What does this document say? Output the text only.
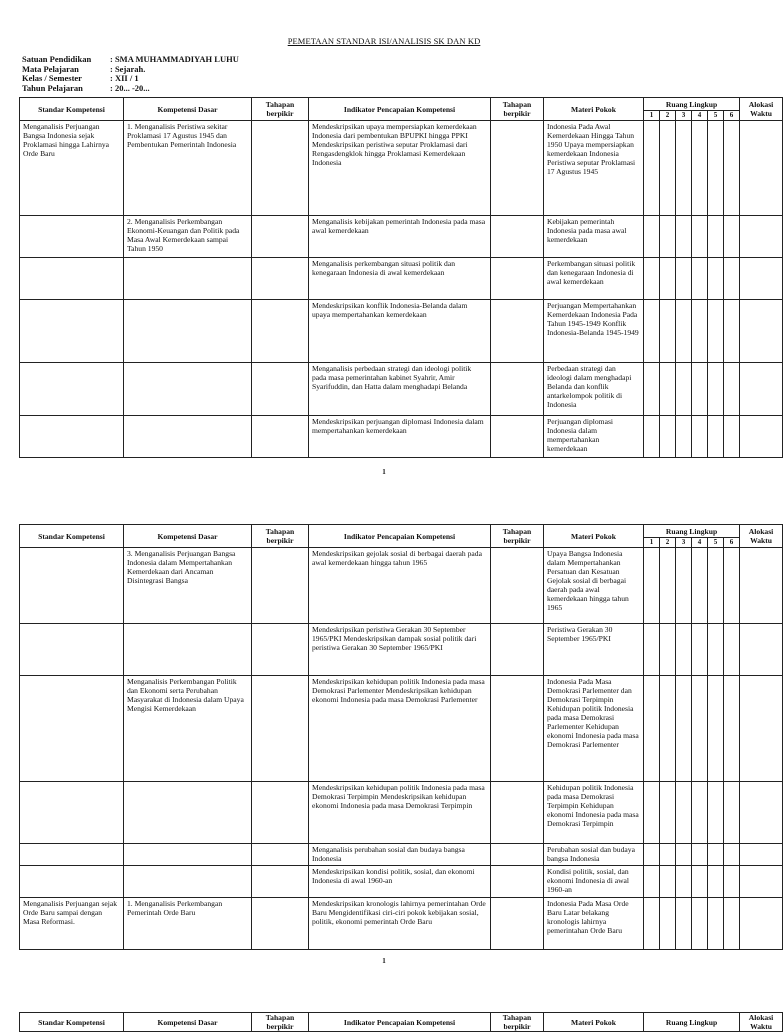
PEMETAAN STANDAR ISI/ANALISIS SK DAN KD
Satuan Pendidikan	: SMA MUHAMMADIYAH LUHU
Mata Pelajaran	: Sejarah.
Kelas / Semester	: XII / 1
Tahun Pelajaran	: 20... -20...
Standar Kompetensi	Kompetensi Dasar	Tahapan berpikir	Indikator Pencapaian Kompetensi	Tahapan berpikir	Materi Pokok	Ruang Lingkup						Alokasi Waktu
						1	2	3	4	5	6	
Menganalisis Perjuangan Bangsa Indonesia sejak Proklamasi hingga Lahirnya Orde Baru	1. Menganalisis Peristiwa sekitar Proklamasi 17 Agustus 1945 dan Pembentukan Pemerintah Indonesia		Mendeskripsikan upaya mempersiapkan kemerdekaan Indonesia dari pembentukan BPUPKI hingga PPKI Mendeskripsikan peristiwa seputar Proklamasi dari Rengasdengklok hingga Proklamasi Kemerdekaan Indonesia		Indonesia Pada Awal Kemerdekaan Hingga Tahun 1950 Upaya mempersiapkan kemerdekaan Indonesia Peristiwa seputar Proklamasi 17 Agustus 1945							
	2. Menganalisis Perkembangan Ekonomi-Keuangan dan Politik pada Masa Awal Kemerdekaan sampai Tahun 1950		Menganalisis kebijakan pemerintah Indonesia pada masa awal kemerdekaan		Kebijakan pemerintah Indonesia pada masa awal kemerdekaan							
			Menganalisis perkembangan situasi politik dan kenegaraan Indonesia di awal kemerdekaan		Perkembangan situasi politik dan kenegaraan Indonesia di awal kemerdekaan							
			Mendeskripsikan konflik Indonesia-Belanda dalam upaya mempertahankan kemerdekaan		Perjuangan Mempertahankan Kemerdekaan Indonesia Pada Tahun 1945-1949 Konflik Indonesia-Belanda 1945-1949							
			Menganalisis perbedaan strategi dan ideologi politik pada masa pemerintahan kabinet Syahrir, Amir Syarifuddin, dan Hatta dalam menghadapi Belanda		Perbedaan strategi dan ideologi dalam menghadapi Belanda dan konflik antarkelompok politik di Indonesia							
			Mendeskripsikan perjuangan diplomasi Indonesia dalam mempertahankan kemerdekaan		Perjuangan diplomasi Indonesia dalam mempertahankan kemerdekaan							
1
Standar Kompetensi	Kompetensi Dasar	Tahapan berpikir	Indikator Pencapaian Kompetensi	Tahapan berpikir	Materi Pokok	Ruang Lingkup						Alokasi Waktu
						1	2	3	4	5	6	
	3. Menganalisis Perjuangan Bangsa Indonesia dalam Mempertahankan Kemerdekaan dari Ancaman Disintegrasi Bangsa		Mendeskripsikan gejolak sosial di berbagai daerah pada awal kemerdekaan hingga tahun 1965		Upaya Bangsa Indonesia dalam Mempertahankan Persatuan dan Kesatuan Gejolak sosial di berbagai daerah pada awal kemerdekaan hingga tahun 1965							
			Mendeskripsikan peristiwa Gerakan 30 September 1965/PKI Mendeskripsikan dampak sosial politik dari peristiwa Gerakan 30 September 1965/PKI		Peristiwa Gerakan 30 September 1965/PKI							
	Menganalisis Perkembangan Politik dan Ekonomi serta Perubahan Masyarakat di Indonesia dalam Upaya Mengisi Kemerdekaan		Mendeskripsikan kehidupan politik Indonesia pada masa Demokrasi Parlementer Mendeskripsikan kehidupan ekonomi Indonesia pada masa Demokrasi Parlementer		Indonesia Pada Masa Demokrasi Parlementer dan Demokrasi Terpimpin Kehidupan politik Indonesia pada masa Demokrasi Parlementer Kehidupan ekonomi Indonesia pada masa Demokrasi Parlementer							
			Mendeskripsikan kehidupan politik Indonesia pada masa Demokrasi Terpimpin Mendeskripsikan kehidupan ekonomi Indonesia pada masa Demokrasi Terpimpin		Kehidupan politik Indonesia pada masa Demokrasi Terpimpin Kehidupan ekonomi Indonesia pada masa Demokrasi Terpimpin							
			Menganalisis perubahan sosial dan budaya bangsa Indonesia		Perubahan sosial dan budaya bangsa Indonesia							
			Mendeskripsikan kondisi politik, sosial, dan ekonomi Indonesia di awal 1960-an		Kondisi politik, sosial, dan ekonomi Indonesia di awal 1960-an							
Menganalisis Perjuangan sejak Orde Baru sampai dengan Masa Reformasi.	1. Menganalisis Perkembangan Pemerintah Orde Baru		Mendeskripsikan kronologis lahirnya pemerintahan Orde Baru Mengidentifikasi ciri-ciri pokok kebijakan sosial, politik, ekonomi pemerintah Orde Baru		Indonesia Pada Masa Orde Baru Latar belakang kronologis lahirnya pemerintahan Orde Baru							
1
Standar Kompetensi	Kompetensi Dasar	Tahapan berpikir	Indikator Pencapaian Kompetensi	Tahapan berpikir	Materi Pokok	Ruang Lingkup	Alokasi Waktu
